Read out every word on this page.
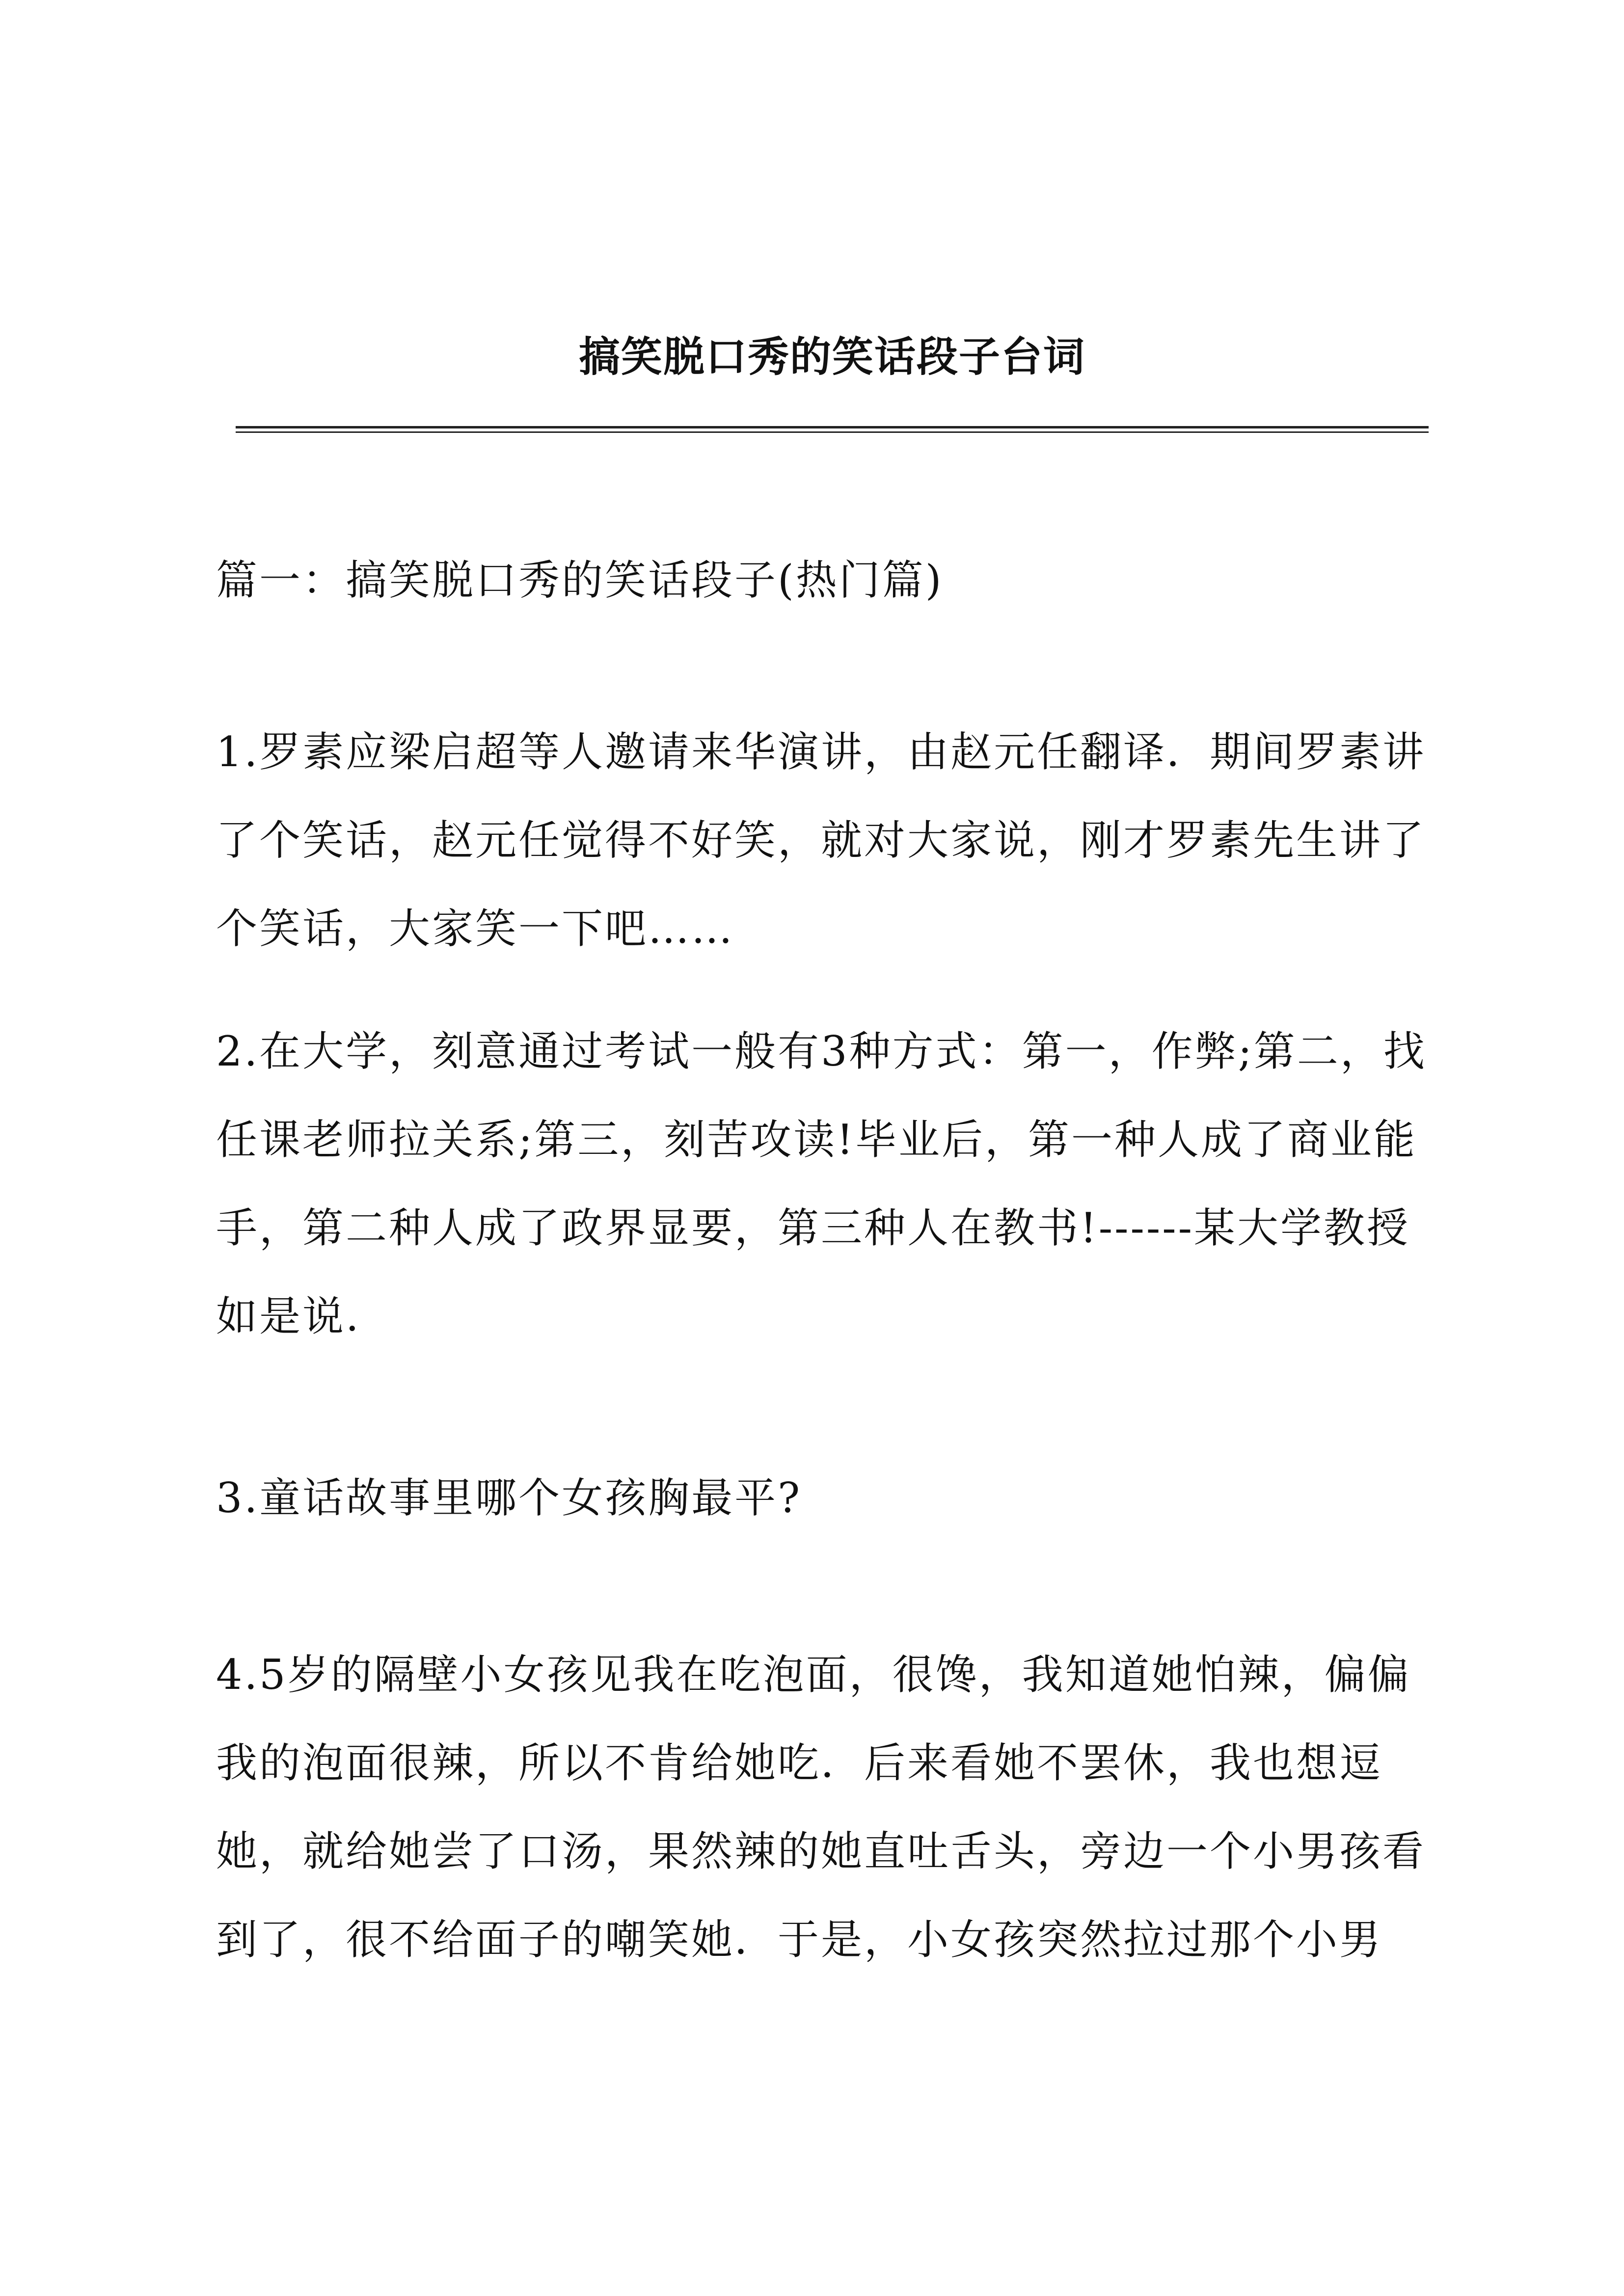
搞笑脱口秀的笑话段子台词

篇一：搞笑脱口秀的笑话段子(热门篇)

1.罗素应梁启超等人邀请来华演讲，由赵元任翻译．期间罗素讲了个笑话，赵元任觉得不好笑，就对大家说，刚才罗素先生讲了个笑话，大家笑一下吧……

2.在大学，刻意通过考试一般有3种方式：第一，作弊;第二，找任课老师拉关系;第三，刻苦攻读!毕业后，第一种人成了商业能手，第二种人成了政界显要，第三种人在教书!------某大学教授如是说.

3.童话故事里哪个女孩胸最平?

4.5岁的隔壁小女孩见我在吃泡面，很馋，我知道她怕辣，偏偏我的泡面很辣，所以不肯给她吃．后来看她不罢休，我也想逗她，就给她尝了口汤，果然辣的她直吐舌头，旁边一个小男孩看到了，很不给面子的嘲笑她．于是，小女孩突然拉过那个小男
